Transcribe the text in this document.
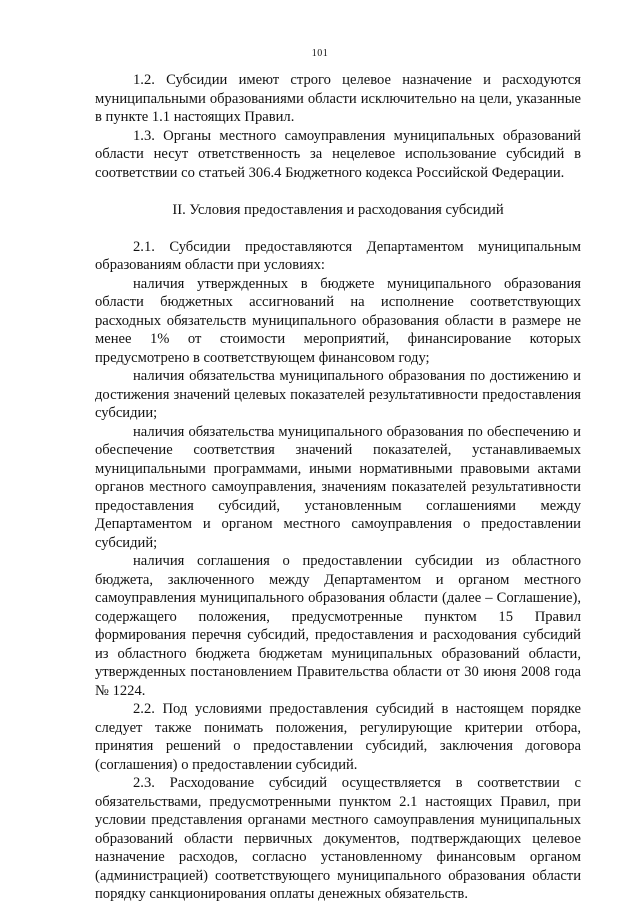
101

1.2. Субсидии имеют строго целевое назначение и расходуются муниципальными образованиями области исключительно на цели, указанные в пункте 1.1 настоящих Правил.

1.3. Органы местного самоуправления муниципальных образований области несут ответственность за нецелевое использование субсидий в соответствии со статьей 306.4 Бюджетного кодекса Российской Федерации.

II. Условия предоставления и расходования субсидий

2.1. Субсидии предоставляются Департаментом муниципальным образованиям области при условиях:

наличия утвержденных в бюджете муниципального образования области бюджетных ассигнований на исполнение соответствующих расходных обязательств муниципального образования области в размере не менее 1% от стоимости мероприятий, финансирование которых предусмотрено в соответствующем финансовом году;

наличия обязательства муниципального образования по достижению и достижения значений целевых показателей результативности предоставления субсидии;

наличия обязательства муниципального образования по обеспечению и обеспечение соответствия значений показателей, устанавливаемых муниципальными программами, иными нормативными правовыми актами органов местного самоуправления, значениям показателей результативности предоставления субсидий, установленным соглашениями между Департаментом и органом местного самоуправления о предоставлении субсидий;

наличия соглашения о предоставлении субсидии из областного бюджета, заключенного между Департаментом и органом местного самоуправления муниципального образования области (далее – Соглашение), содержащего положения, предусмотренные пунктом 15 Правил формирования перечня субсидий, предоставления и расходования субсидий из областного бюджета бюджетам муниципальных образований области, утвержденных постановлением Правительства области от 30 июня 2008 года № 1224.

2.2. Под условиями предоставления субсидий в настоящем порядке следует также понимать положения, регулирующие критерии отбора, принятия решений о предоставлении субсидий, заключения договора (соглашения) о предоставлении субсидий.

2.3. Расходование субсидий осуществляется в соответствии с обязательствами, предусмотренными пунктом 2.1 настоящих Правил, при условии представления органами местного самоуправления муниципальных образований области первичных документов, подтверждающих целевое назначение расходов, согласно установленному финансовым органом (администрацией) соответствующего муниципального образования области порядку санкционирования оплаты денежных обязательств.
